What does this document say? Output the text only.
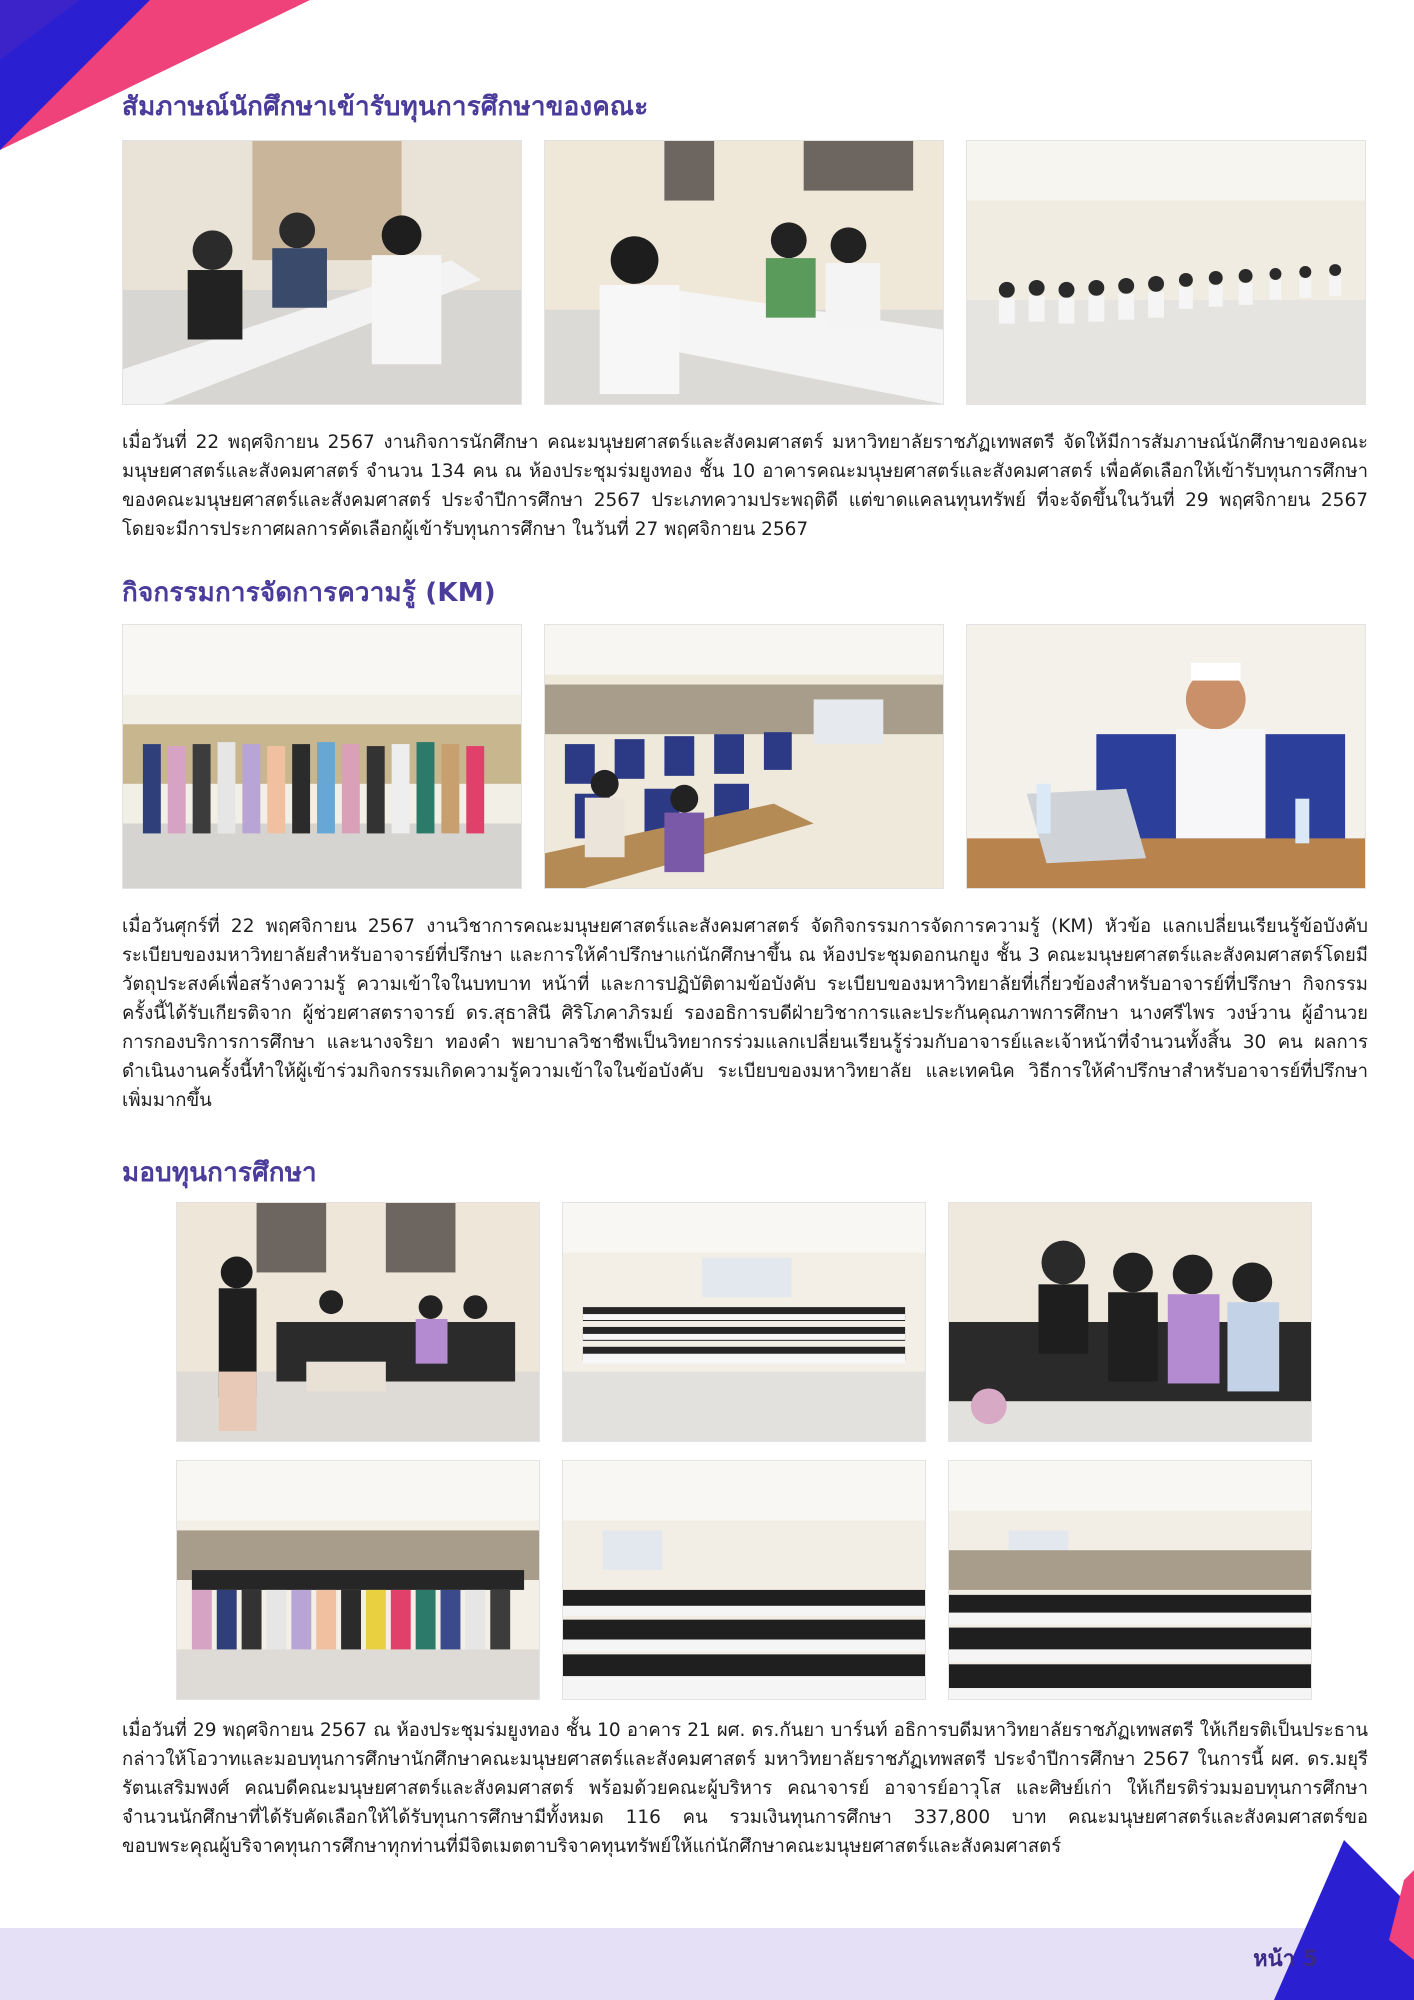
หน้า 5
สัมภาษณ์นักศึกษาเข้ารับทุนการศึกษาของคณะ

เมื่อวันที่ 22 พฤศจิกายน 2567 งานกิจการนักศึกษา คณะมนุษยศาสตร์และสังคมศาสตร์ มหาวิทยาลัยราชภัฏเทพสตรี จัดให้มีการสัมภาษณ์นักศึกษาของคณะมนุษยศาสตร์และสังคมศาสตร์ จำนวน 134 คน ณ ห้องประชุมร่มยูงทอง ชั้น 10 อาคารคณะมนุษยศาสตร์และสังคมศาสตร์ เพื่อคัดเลือกให้เข้ารับทุนการศึกษาของคณะมนุษยศาสตร์และสังคมศาสตร์ ประจำปีการศึกษา 2567 ประเภทความประพฤติดี แต่ขาดแคลนทุนทรัพย์ ที่จะจัดขึ้นในวันที่ 29 พฤศจิกายน 2567 โดยจะมีการประกาศผลการคัดเลือกผู้เข้ารับทุนการศึกษา ในวันที่ 27 พฤศจิกายน 2567

กิจกรรมการจัดการความรู้ (KM)

เมื่อวันศุกร์ที่ 22 พฤศจิกายน 2567 งานวิชาการคณะมนุษยศาสตร์และสังคมศาสตร์ จัดกิจกรรมการจัดการความรู้ (KM) หัวข้อ แลกเปลี่ยนเรียนรู้ข้อบังคับ ระเบียบของมหาวิทยาลัยสำหรับอาจารย์ที่ปรึกษา และการให้คำปรึกษาแก่นักศึกษาขึ้น ณ ห้องประชุมดอกนกยูง ชั้น 3 คณะมนุษยศาสตร์และสังคมศาสตร์โดยมีวัตถุประสงค์เพื่อสร้างความรู้ ความเข้าใจในบทบาท หน้าที่ และการปฏิบัติตามข้อบังคับ ระเบียบของมหาวิทยาลัยที่เกี่ยวข้องสำหรับอาจารย์ที่ปรึกษา กิจกรรมครั้งนี้ได้รับเกียรติจาก ผู้ช่วยศาสตราจารย์ ดร.สุธาสินี ศิริโภคาภิรมย์ รองอธิการบดีฝ่ายวิชาการและประกันคุณภาพการศึกษา นางศรีไพร วงษ์วาน ผู้อำนวยการกองบริการการศึกษา และนางจริยา ทองคำ พยาบาลวิชาชีพเป็นวิทยากรร่วมแลกเปลี่ยนเรียนรู้ร่วมกับอาจารย์และเจ้าหน้าที่จำนวนทั้งสิ้น 30 คน ผลการดำเนินงานครั้งนี้ทำให้ผู้เข้าร่วมกิจกรรมเกิดความรู้ความเข้าใจในข้อบังคับ ระเบียบของมหาวิทยาลัย และเทคนิค วิธีการให้คำปรึกษาสำหรับอาจารย์ที่ปรึกษาเพิ่มมากขึ้น

มอบทุนการศึกษา

เมื่อวันที่ 29 พฤศจิกายน 2567 ณ ห้องประชุมร่มยูงทอง ชั้น 10 อาคาร 21 ผศ. ดร.กันยา บาร์นท์ อธิการบดีมหาวิทยาลัยราชภัฏเทพสตรี ให้เกียรติเป็นประธานกล่าวให้โอวาทและมอบทุนการศึกษานักศึกษาคณะมนุษยศาสตร์และสังคมศาสตร์ มหาวิทยาลัยราชภัฏเทพสตรี ประจำปีการศึกษา 2567 ในการนี้ ผศ. ดร.มยุรี รัตนเสริมพงศ์ คณบดีคณะมนุษยศาสตร์และสังคมศาสตร์ พร้อมด้วยคณะผู้บริหาร คณาจารย์ อาจารย์อาวุโส และศิษย์เก่า ให้เกียรติร่วมมอบทุนการศึกษา จำนวนนักศึกษาที่ได้รับคัดเลือกให้ได้รับทุนการศึกษามีทั้งหมด 116 คน รวมเงินทุนการศึกษา 337,800 บาท คณะมนุษยศาสตร์และสังคมศาสตร์ขอขอบพระคุณผู้บริจาคทุนการศึกษาทุกท่านที่มีจิตเมตตาบริจาคทุนทรัพย์ให้แก่นักศึกษาคณะมนุษยศาสตร์และสังคมศาสตร์
